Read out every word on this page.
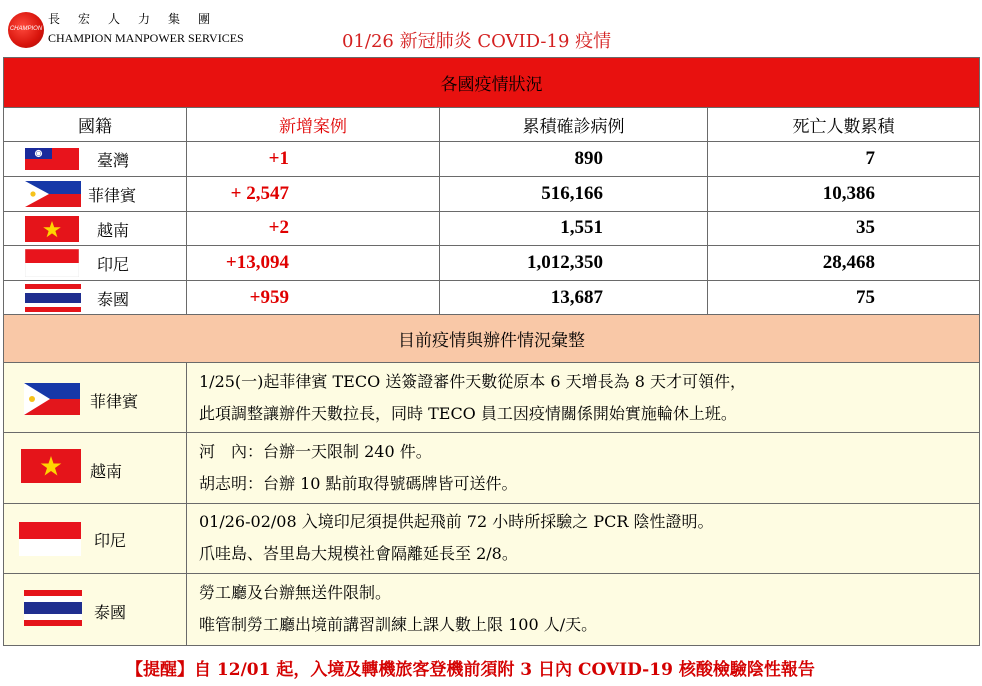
CHAMPION
長宏人力集團
CHAMPION MANPOWER SERVICES	01/26 新冠肺炎 COVID-19 疫情
各國疫情狀況			
國籍	新增案例	累積確診病例	死亡人數累積

臺灣	+1	890	7

菲律賓	+ 2,547	516,166	10,386

越南	+2	1,551	35

印尼	+13,094	1,012,350	28,468

泰國	+959	13,687	75
目前疫情與辦件情況彙整			

菲律賓	1/25(一)起菲律賓 TECO 送簽證審件天數從原本 6 天增長為 8 天才可領件，
此項調整讓辦件天數拉長，同時 TECO 員工因疫情關係開始實施輪休上班。		

越南	河　內：台辦一天限制 240 件。
胡志明：台辦 10 點前取得號碼牌皆可送件。		

印尼	01/26-02/08 入境印尼須提供起飛前 72 小時所採驗之 PCR 陰性證明。
爪哇島、峇里島大規模社會隔離延長至 2/8。		

泰國	勞工廳及台辦無送件限制。
唯管制勞工廳出境前講習訓練上課人數上限 100 人/天。		
【提醒】自 12/01 起，入境及轉機旅客登機前須附 3 日內 COVID-19 核酸檢驗陰性報告
